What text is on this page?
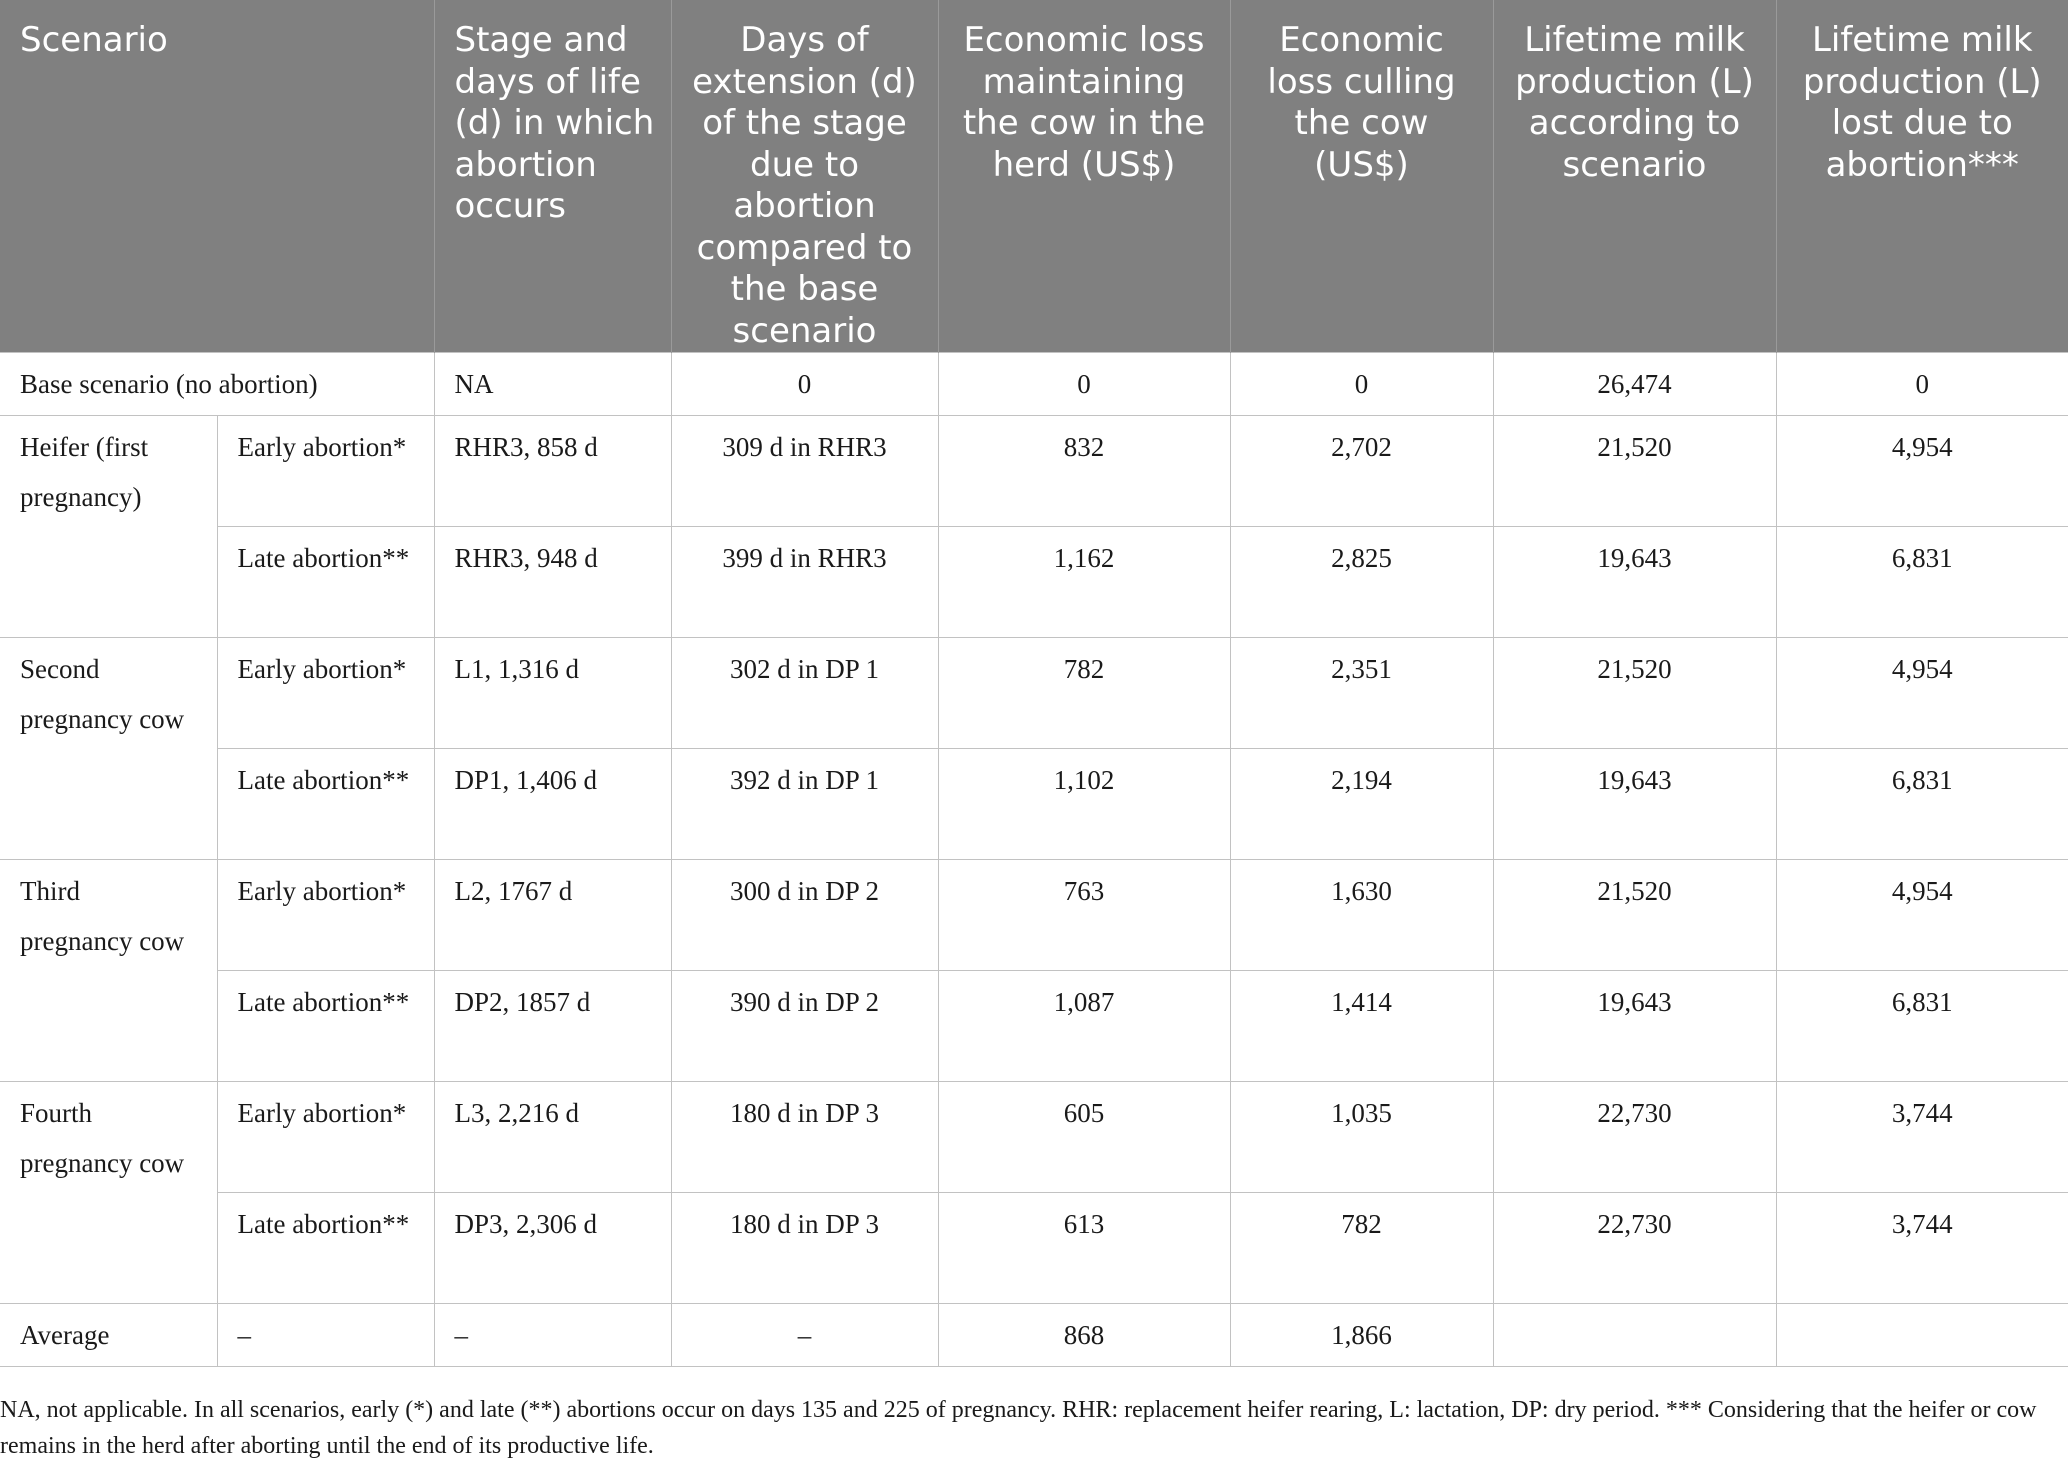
Scenario		Stage and days of life (d) in which abortion occurs	Days of extension (d) of the stage due to abortion compared to the base scenario	Economic loss maintaining the cow in the herd (US$)	Economic loss culling the cow (US$)	Lifetime milk production (L) according to scenario	Lifetime milk production (L) lost due to abortion***
Base scenario (no abortion)		NA	0	0	0	26,474	0
Heifer (first pregnancy)	Early abortion*	RHR3, 858 d	309 d in RHR3	832	2,702	21,520	4,954
	Late abortion**	RHR3, 948 d	399 d in RHR3	1,162	2,825	19,643	6,831
Second pregnancy cow	Early abortion*	L1, 1,316 d	302 d in DP 1	782	2,351	21,520	4,954
	Late abortion**	DP1, 1,406 d	392 d in DP 1	1,102	2,194	19,643	6,831
Third pregnancy cow	Early abortion*	L2, 1767 d	300 d in DP 2	763	1,630	21,520	4,954
	Late abortion**	DP2, 1857 d	390 d in DP 2	1,087	1,414	19,643	6,831
Fourth pregnancy cow	Early abortion*	L3, 2,216 d	180 d in DP 3	605	1,035	22,730	3,744
	Late abortion**	DP3, 2,306 d	180 d in DP 3	613	782	22,730	3,744
Average	–	–	–	868	1,866		
NA, not applicable. In all scenarios, early (*) and late (**) abortions occur on days 135 and 225 of pregnancy. RHR: replacement heifer rearing, L: lactation, DP: dry period. *** Considering that the heifer or cow remains in the herd after aborting until the end of its productive life.
